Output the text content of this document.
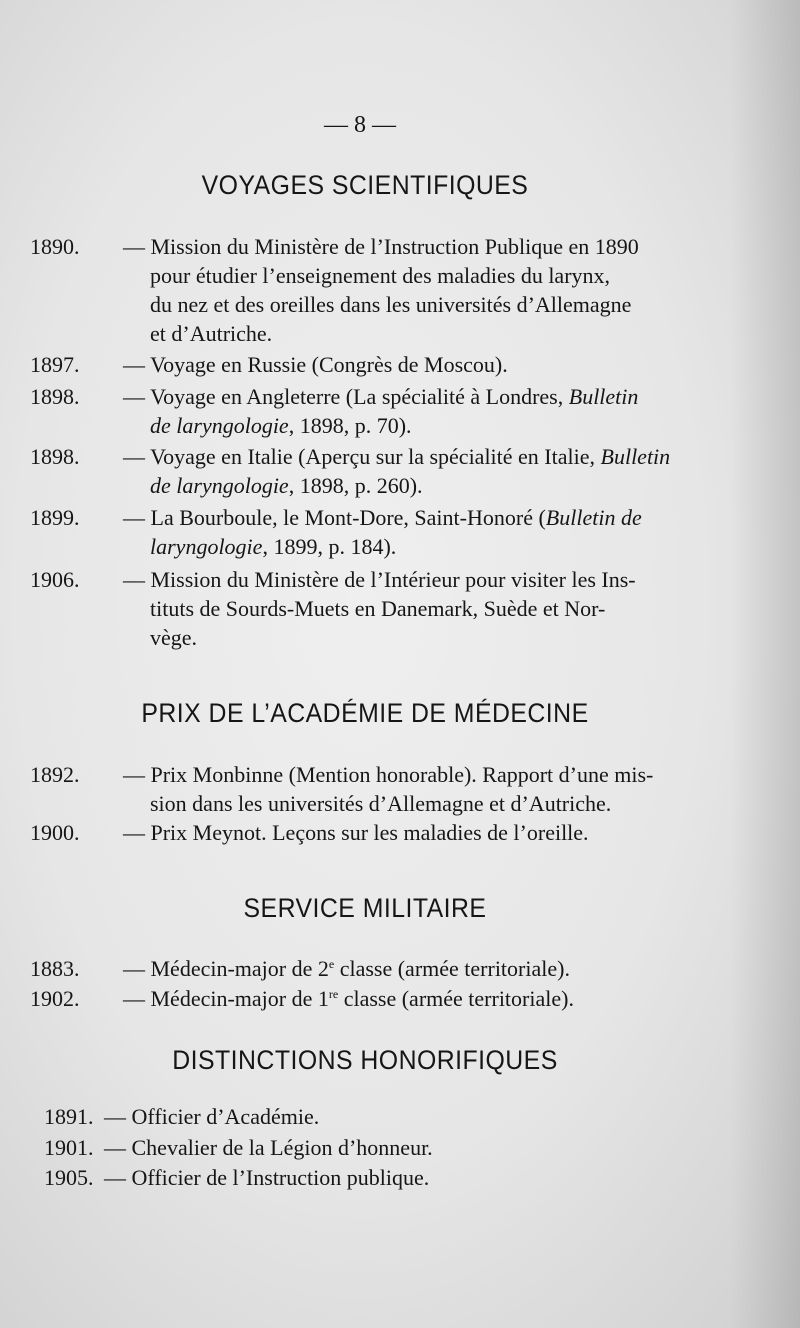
— 8 —
VOYAGES SCIENTIFIQUES
1890. — Mission du Ministère de l’Instruction Publique en 1890
pour étudier l’enseignement des maladies du larynx,
du nez et des oreilles dans les universités d’Allemagne
et d’Autriche.
1897. — Voyage en Russie (Congrès de Moscou).
1898. — Voyage en Angleterre (La spécialité à Londres, Bulletin
de laryngologie, 1898, p. 70).
1898. — Voyage en Italie (Aperçu sur la spécialité en Italie, Bulletin
de laryngologie, 1898, p. 260).
1899. — La Bourboule, le Mont-Dore, Saint-Honoré (Bulletin de
laryngologie, 1899, p. 184).
1906. — Mission du Ministère de l’Intérieur pour visiter les Ins-
tituts de Sourds-Muets en Danemark, Suède et Nor-
vège.
PRIX DE L’ACADÉMIE DE MÉDECINE
1892. — Prix Monbinne (Mention honorable). Rapport d’une mis-
sion dans les universités d’Allemagne et d’Autriche.
1900. — Prix Meynot. Leçons sur les maladies de l’oreille.
SERVICE MILITAIRE
1883. — Médecin-major de 2e classe (armée territoriale).
1902. — Médecin-major de 1re classe (armée territoriale).
DISTINCTIONS HONORIFIQUES
1891. — Officier d’Académie.
1901. — Chevalier de la Légion d’honneur.
1905. — Officier de l’Instruction publique.
